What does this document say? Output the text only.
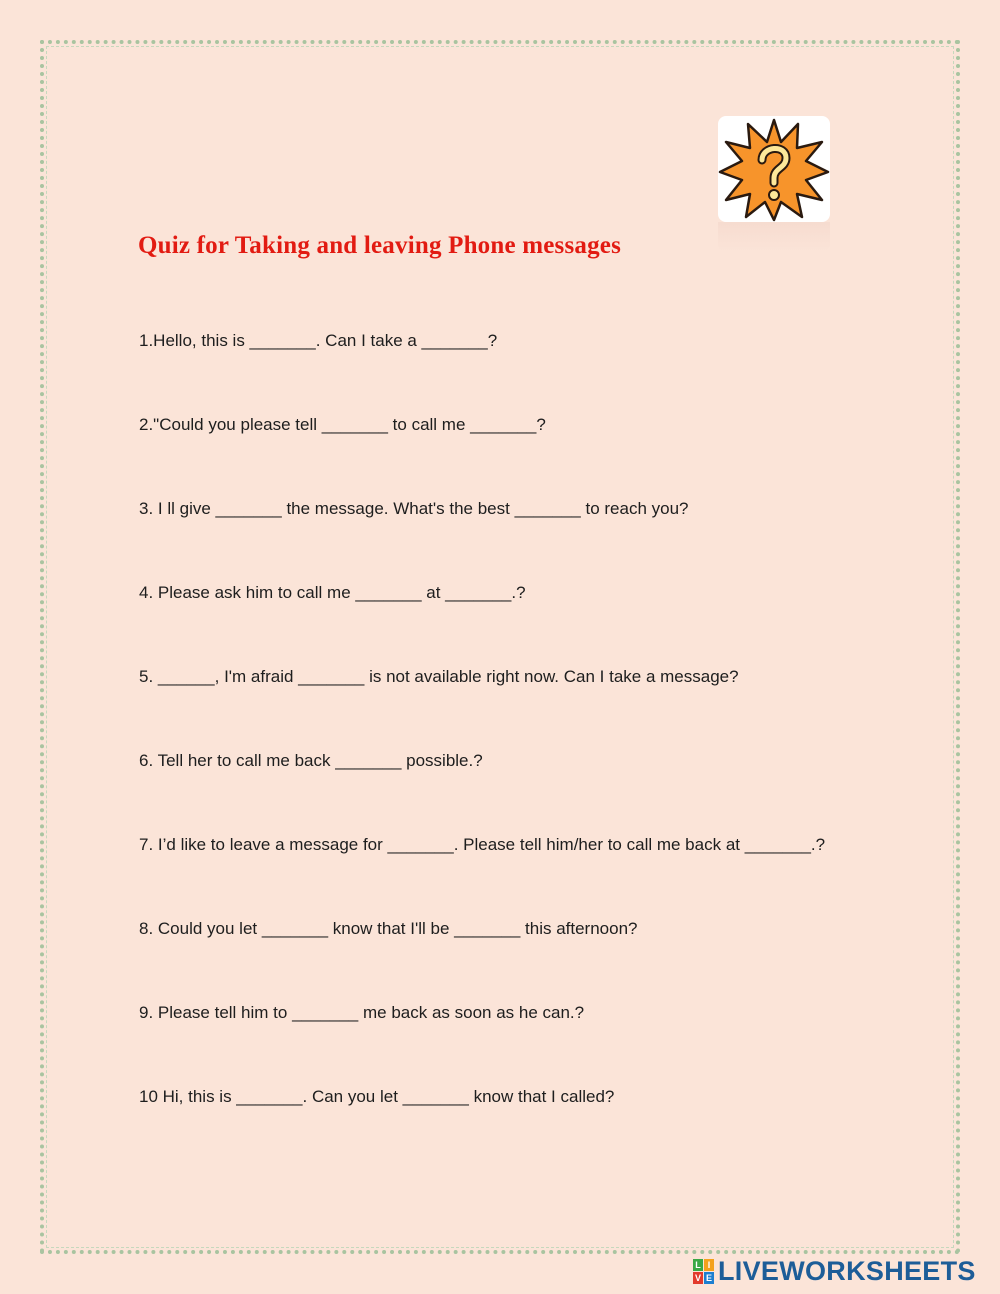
Quiz for Taking and leaving Phone messages
1.Hello, this is _______. Can I take a _______?
2."Could you please tell _______ to call me _______?
3. I ll give _______ the message. What's the best _______ to reach you?
4. Please ask him to call me _______ at _______.?
5. ______, I'm afraid _______ is not available right now. Can I take a message?
6. Tell her to call me back _______ possible.?
7. I’d like to leave a message for _______. Please tell him/her to call me back at _______.?
8. Could you let _______ know that I'll be _______ this afternoon?
9. Please tell him to _______ me back as soon as he can.?
10 Hi, this is _______. Can you let _______ know that I called?
L I
V E LIVEWORKSHEETS
